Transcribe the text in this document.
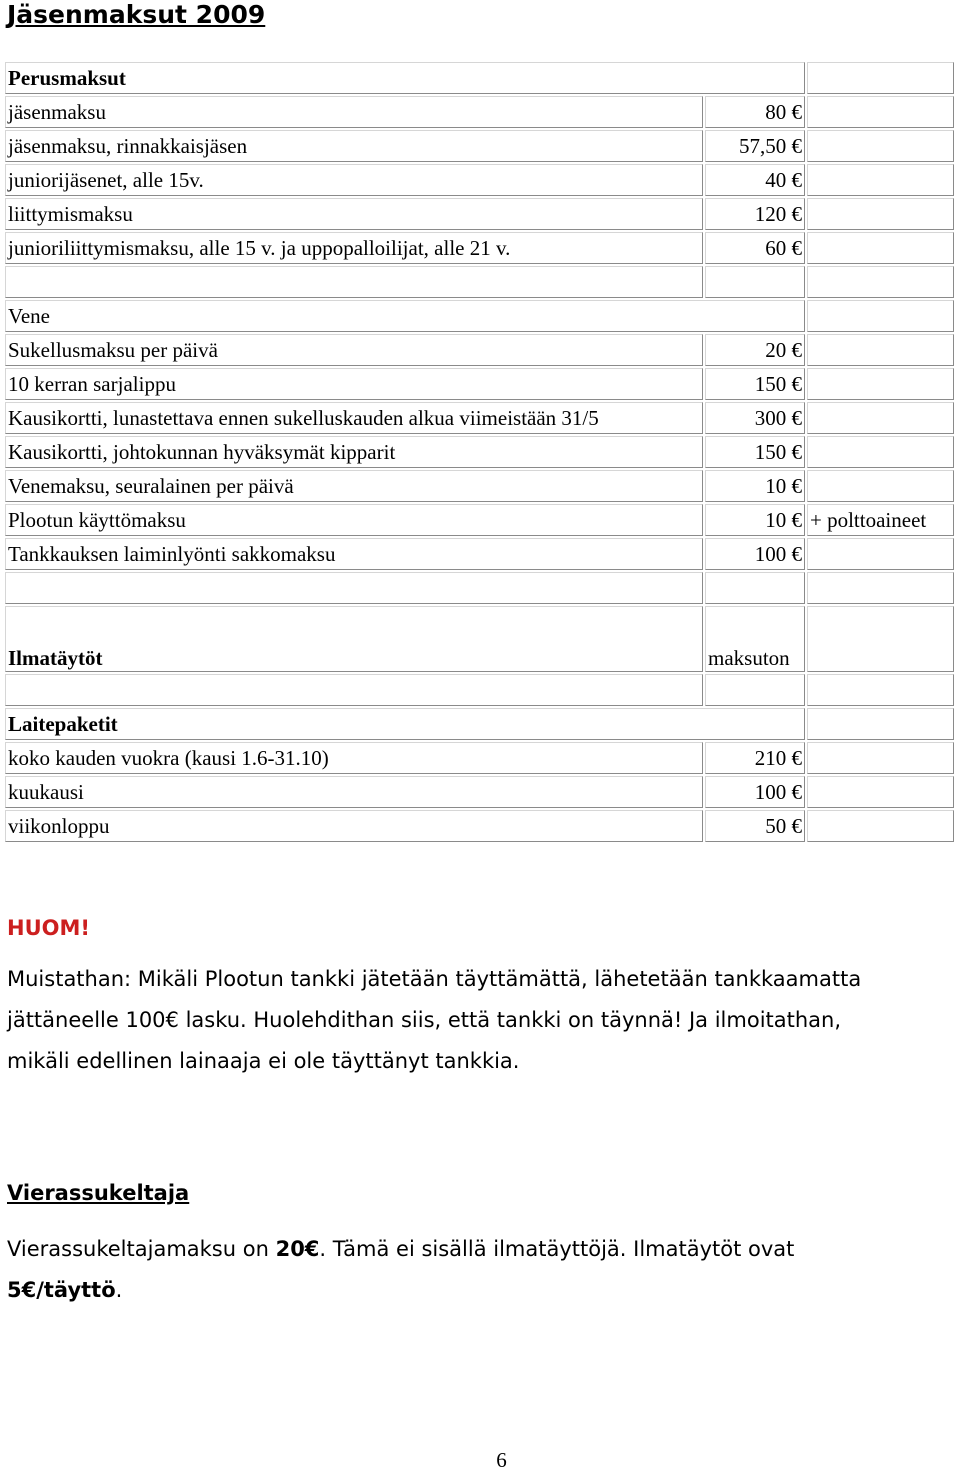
Jäsenmaksut 2009
Perusmaksut		
jäsenmaksu	80 €	
jäsenmaksu, rinnakkaisjäsen	57,50 €	
juniorijäsenet, alle 15v.	40 €	
liittymismaksu	120 €	
junioriliittymismaksu, alle 15 v. ja uppopalloilijat, alle 21 v.	60 €	

Vene		
Sukellusmaksu per päivä	20 €	
10 kerran sarjalippu	150 €	
Kausikortti, lunastettava ennen sukelluskauden alkua viimeistään 31/5	300 €	
Kausikortti, johtokunnan hyväksymät kipparit	150 €	
Venemaksu, seuralainen per päivä	10 €	
Plootun käyttömaksu	10 €	+ polttoaineet
Tankkauksen laiminlyönti sakkomaksu	100 €	

Ilmatäytöt	maksuton	

Laitepaketit		
koko kauden vuokra (kausi 1.6-31.10)	210 €	
kuukausi	100 €	
viikonloppu	50 €	
HUOM!

Muistathan: Mikäli Plootun tankki jätetään täyttämättä, lähetetään tankkaamatta

jättäneelle 100€ lasku. Huolehdithan siis, että tankki on täynnä! Ja ilmoitathan,

mikäli edellinen lainaaja ei ole täyttänyt tankkia.

Vierassukeltaja

Vierassukeltajamaksu on 20€. Tämä ei sisällä ilmatäyttöjä. Ilmatäytöt ovat
5€/täyttö.

6
